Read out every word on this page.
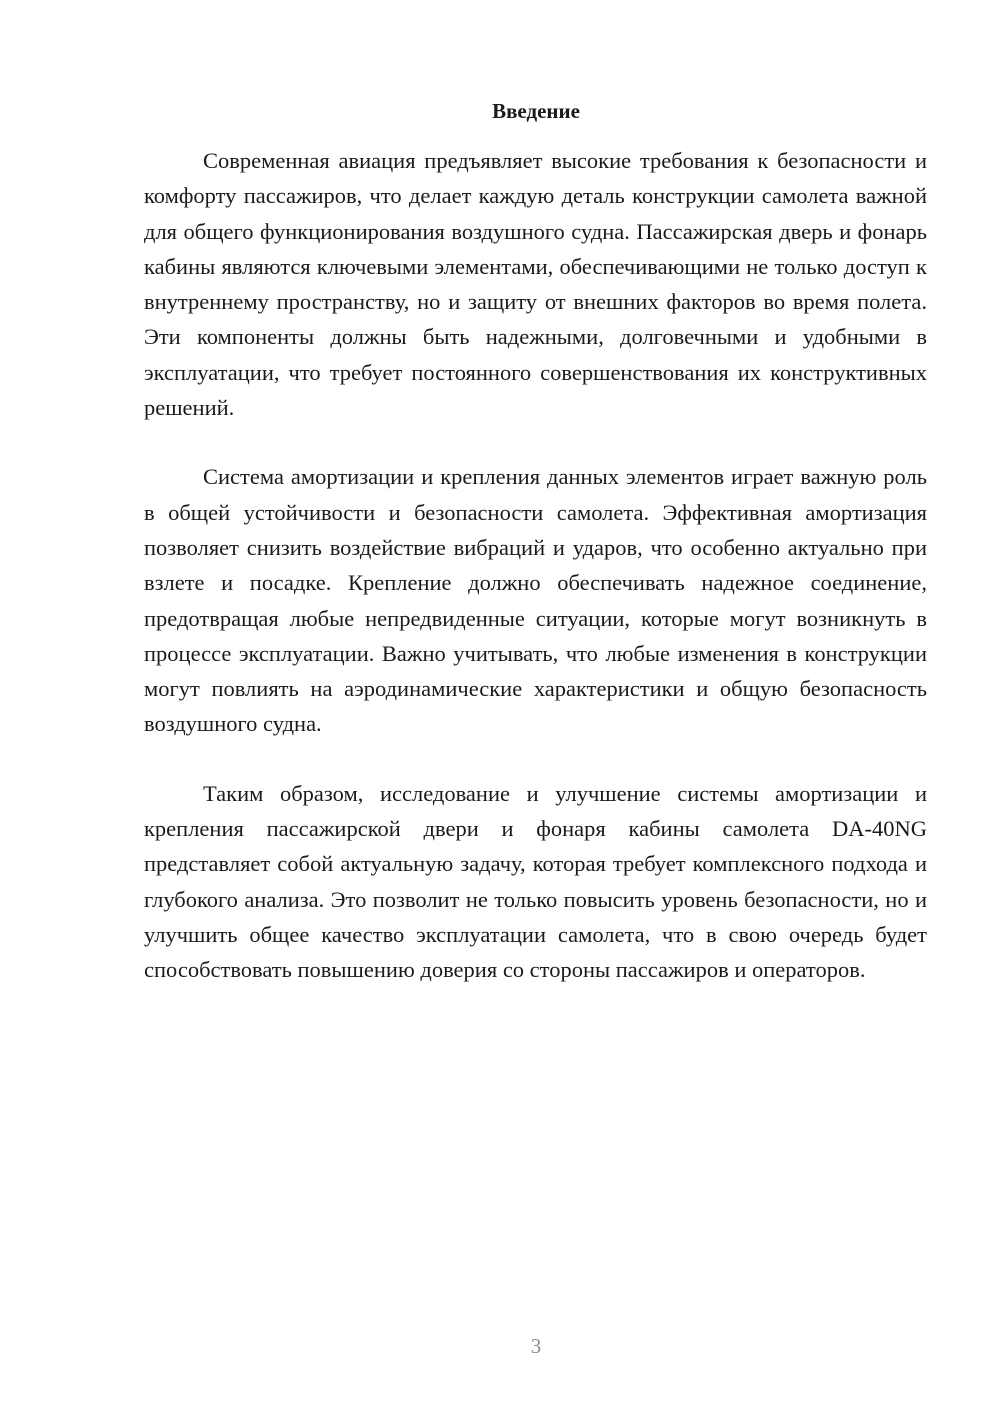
Введение

Современная авиация предъявляет высокие требования к безопасности и комфорту пассажиров, что делает каждую деталь конструкции самолета важной для общего функционирования воздушного судна. Пассажирская дверь и фонарь кабины являются ключевыми элементами, обеспечивающими не только доступ к внутреннему пространству, но и защиту от внешних факторов во время полета. Эти компоненты должны быть надежными, долговечными и удобными в эксплуатации, что требует постоянного совершенствования их конструктивных решений.

Система амортизации и крепления данных элементов играет важную роль в общей устойчивости и безопасности самолета. Эффективная амортизация позволяет снизить воздействие вибраций и ударов, что особенно актуально при взлете и посадке. Крепление должно обеспечивать надежное соединение, предотвращая любые непредвиденные ситуации, которые могут возникнуть в процессе эксплуатации. Важно учитывать, что любые изменения в конструкции могут повлиять на аэродинамические характеристики и общую безопасность воздушного судна.

Таким образом, исследование и улучшение системы амортизации и крепления пассажирской двери и фонаря кабины самолета DA-40NG представляет собой актуальную задачу, которая требует комплексного подхода и глубокого анализа. Это позволит не только повысить уровень безопасности, но и улучшить общее качество эксплуатации самолета, что в свою очередь будет способствовать повышению доверия со стороны пассажиров и операторов.

3
